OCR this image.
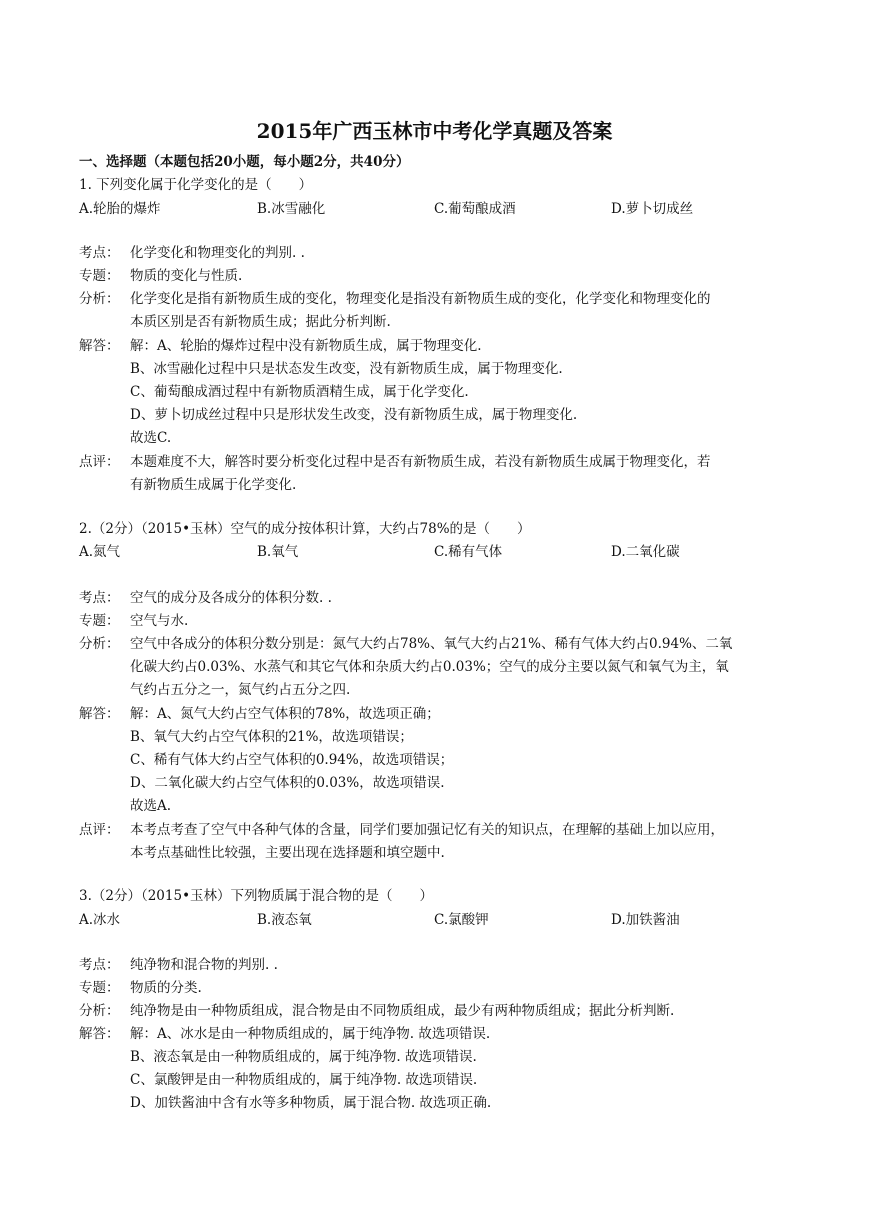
2015年广西玉林市中考化学真题及答案
一、选择题（本题包括20小题，每小题2分，共40分）
1. 下列变化属于化学变化的是（　　）
A.轮胎的爆炸	B.冰雪融化	C.葡萄酿成酒	D.萝卜切成丝
考点： 化学变化和物理变化的判别. .
专题： 物质的变化与性质.
分析： 化学变化是指有新物质生成的变化，物理变化是指没有新物质生成的变化，化学变化和物理变化的
本质区别是否有新物质生成；据此分析判断.
解答： 解：A、轮胎的爆炸过程中没有新物质生成，属于物理变化.
B、冰雪融化过程中只是状态发生改变，没有新物质生成，属于物理变化.
C、葡萄酿成酒过程中有新物质酒精生成，属于化学变化.
D、萝卜切成丝过程中只是形状发生改变，没有新物质生成，属于物理变化.
故选C.
点评： 本题难度不大，解答时要分析变化过程中是否有新物质生成，若没有新物质生成属于物理变化，若
有新物质生成属于化学变化.
2.（2分）（2015•玉林）空气的成分按体积计算，大约占78%的是（　　）
A.氮气	B.氧气	C.稀有气体	D.二氧化碳
考点： 空气的成分及各成分的体积分数. .
专题： 空气与水.
分析： 空气中各成分的体积分数分别是：氮气大约占78%、氧气大约占21%、稀有气体大约占0.94%、二氧
化碳大约占0.03%、水蒸气和其它气体和杂质大约占0.03%；空气的成分主要以氮气和氧气为主，氧
气约占五分之一，氮气约占五分之四.
解答： 解：A、氮气大约占空气体积的78%，故选项正确；
B、氧气大约占空气体积的21%，故选项错误；
C、稀有气体大约占空气体积的0.94%，故选项错误；
D、二氧化碳大约占空气体积的0.03%，故选项错误.
故选A.
点评： 本考点考查了空气中各种气体的含量，同学们要加强记忆有关的知识点，在理解的基础上加以应用，
本考点基础性比较强，主要出现在选择题和填空题中.
3.（2分）（2015•玉林）下列物质属于混合物的是（　　）
A.冰水	B.液态氧	C.氯酸钾	D.加铁酱油
考点： 纯净物和混合物的判别. .
专题： 物质的分类.
分析： 纯净物是由一种物质组成，混合物是由不同物质组成，最少有两种物质组成；据此分析判断.
解答： 解：A、冰水是由一种物质组成的，属于纯净物. 故选项错误.
B、液态氧是由一种物质组成的，属于纯净物. 故选项错误.
C、氯酸钾是由一种物质组成的，属于纯净物. 故选项错误.
D、加铁酱油中含有水等多种物质，属于混合物. 故选项正确.
